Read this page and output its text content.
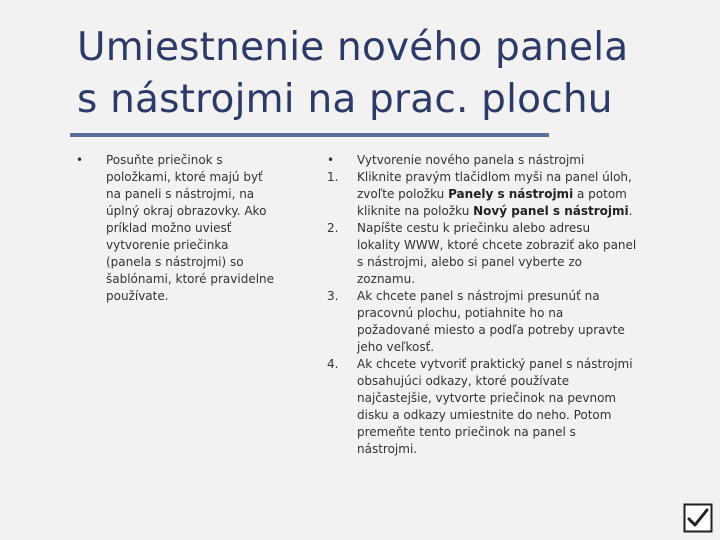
Umiestnenie nového panela
s nástrojmi na prac. plochu
•	Posuňte priečinok s položkami, ktoré majú byť na paneli s nástrojmi, na úplný okraj obrazovky. Ako príklad možno uviesť vytvorenie priečinka (panela s nástrojmi) so šablónami, ktoré pravidelne používate.

•	Vytvorenie nového panela s nástrojmi
1.	Kliknite pravým tlačidlom myši na panel úloh, zvoľte položku Panely s nástrojmi a potom kliknite na položku Nový panel s nástrojmi.
2.	Napíšte cestu k priečinku alebo adresu lokality WWW, ktoré chcete zobraziť ako panel s nástrojmi, alebo si panel vyberte zo zoznamu.
3.	Ak chcete panel s nástrojmi presunúť na pracovnú plochu, potiahnite ho na požadované miesto a podľa potreby upravte jeho veľkosť.
4.	Ak chcete vytvoriť praktický panel s nástrojmi obsahujúci odkazy, ktoré používate najčastejšie, vytvorte priečinok na pevnom disku a odkazy umiestnite do neho. Potom premeňte tento priečinok na panel s nástrojmi.
